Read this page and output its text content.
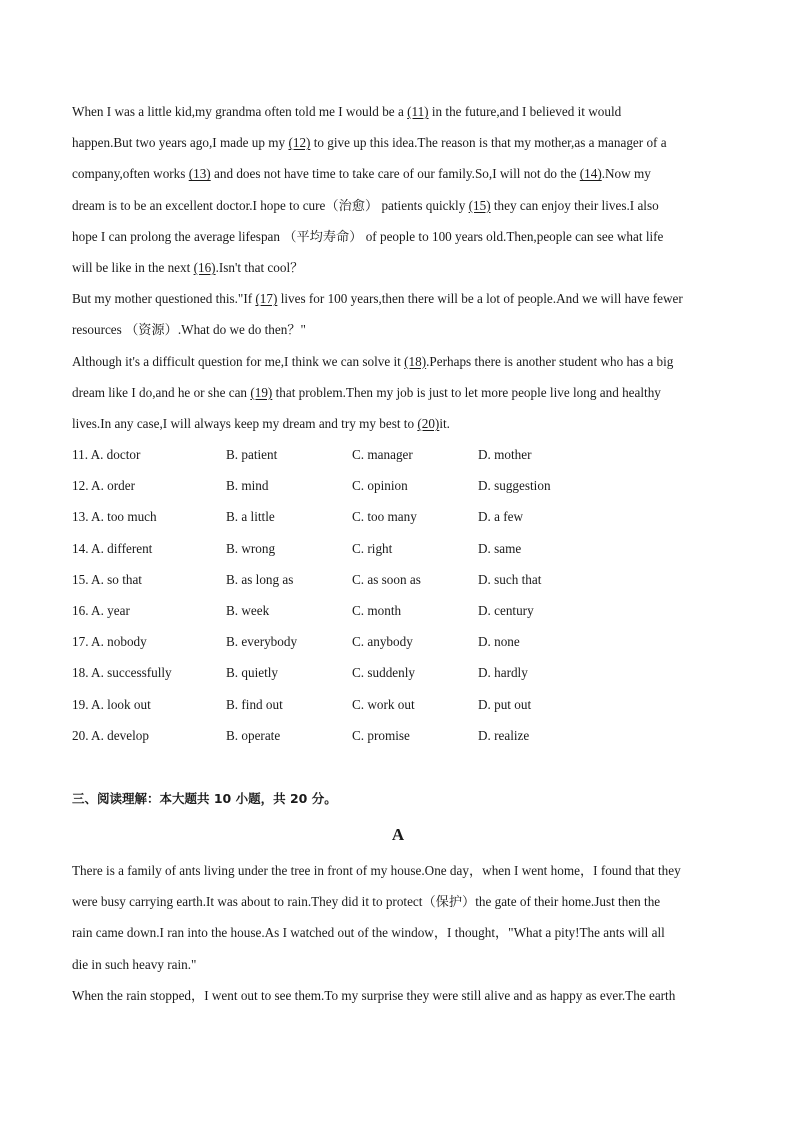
When I was a little kid,my grandma often told me I would be a (11) in the future,and I believed it would
happen.But two years ago,I made up my (12) to give up this idea.The reason is that my mother,as a manager of a
company,often works (13) and does not have time to take care of our family.So,I will not do the (14).Now my
dream is to be an excellent doctor.I hope to cure（治愈） patients quickly (15) they can enjoy their lives.I also
hope I can prolong the average lifespan （平均寿命） of people to 100 years old.Then,people can see what life
will be like in the next (16).Isn't that cool？
But my mother questioned this."If (17) lives for 100 years,then there will be a lot of people.And we will have fewer
resources （资源）.What do we do then？"
Although it's a difficult question for me,I think we can solve it (18).Perhaps there is another student who has a big
dream like I do,and he or she can (19) that problem.Then my job is just to let more people live long and healthy
lives.In any case,I will always keep my dream and try my best to (20)it.
11. A. doctor	B. patient	C. manager	D. mother
12. A. order	B. mind	C. opinion	D. suggestion
13. A. too much	B. a little	C. too many	D. a few
14. A. different	B. wrong	C. right	D. same
15. A. so that	B. as long as	C. as soon as	D. such that
16. A. year	B. week	C. month	D. century
17. A. nobody	B. everybody	C. anybody	D. none
18. A. successfully	B. quietly	C. suddenly	D. hardly
19. A. look out	B. find out	C. work out	D. put out
20. A. develop	B. operate	C. promise	D. realize
三、阅读理解：本大题共 10 小题，共 20 分。
A
There is a family of ants living under the tree in front of my house.One day，when I went home，I found that they
were busy carrying earth.It was about to rain.They did it to protect（保护）the gate of their home.Just then the
rain came down.I ran into the house.As I watched out of the window，I thought，"What a pity!The ants will all
die in such heavy rain."
When the rain stopped，I went out to see them.To my surprise they were still alive and as happy as ever.The earth
